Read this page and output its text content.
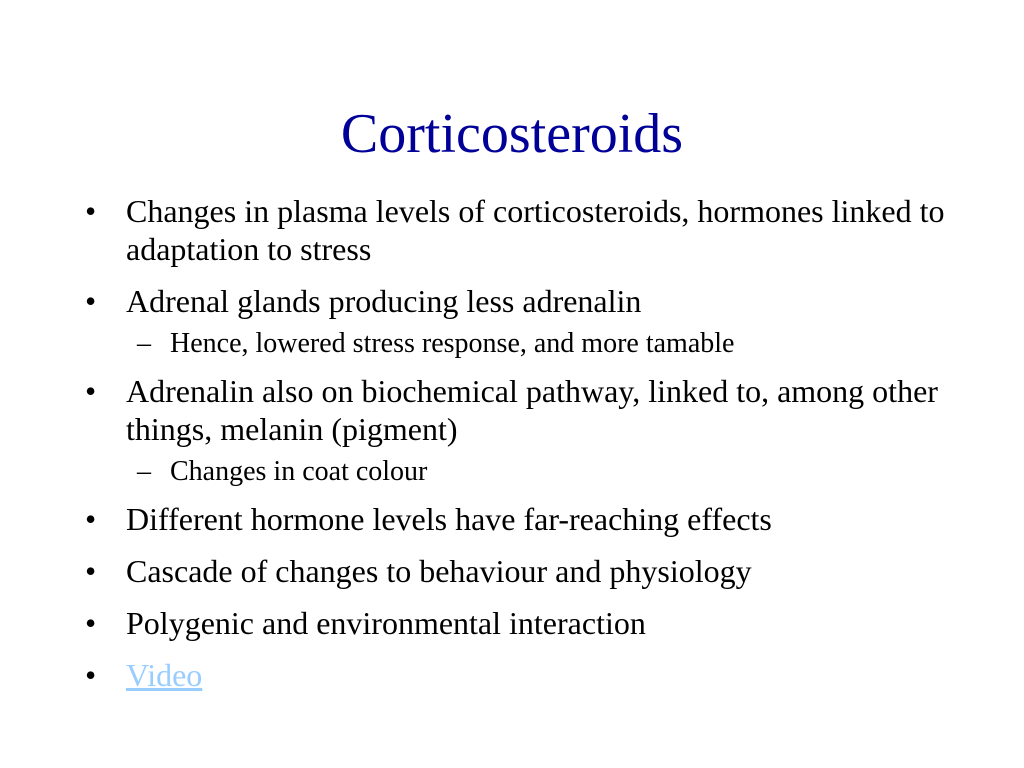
Corticosteroids
• Changes in plasma levels of corticosteroids, hormones linked to adaptation to stress
• Adrenal glands producing less adrenalin
– Hence, lowered stress response, and more tamable
• Adrenalin also on biochemical pathway, linked to, among other things, melanin (pigment)
– Changes in coat colour
• Different hormone levels have far-reaching effects
• Cascade of changes to behaviour and physiology
• Polygenic and environmental interaction
• Video
